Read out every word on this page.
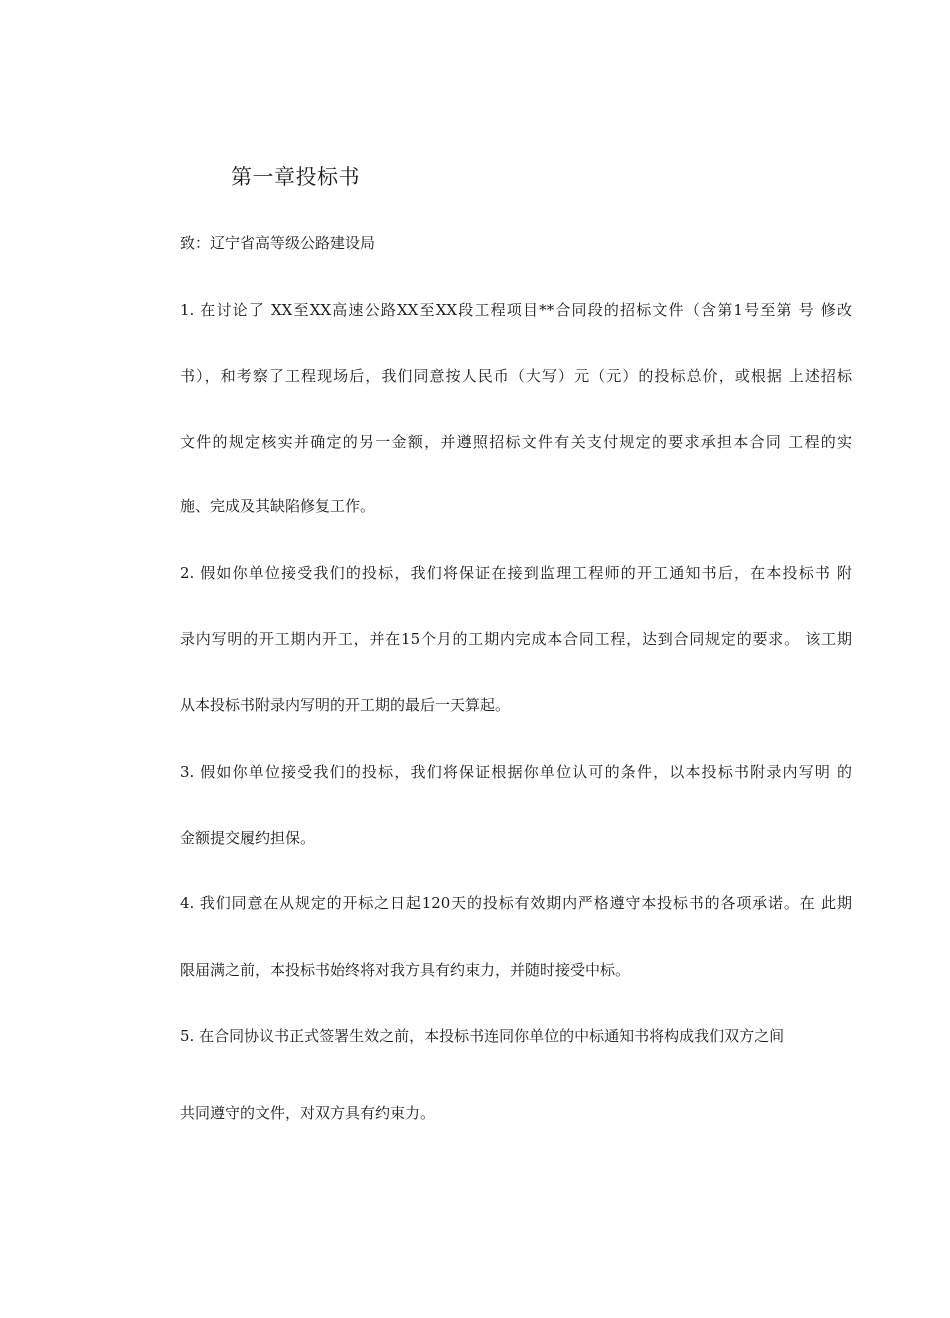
第一章投标书

致：辽宁省高等级公路建设局

1. 在讨论了 XX至XX高速公路XX至XX段工程项目**合同段的招标文件（含第1号至第 号 修改

书），和考察了工程现场后，我们同意按人民币（大写）元（元）的投标总价，或根据 上述招标

文件的规定核实并确定的另一金额，并遵照招标文件有关支付规定的要求承担本合同 工程的实

施、完成及其缺陷修复工作。

2. 假如你单位接受我们的投标，我们将保证在接到监理工程师的开工通知书后，在本投标书 附

录内写明的开工期内开工，并在15个月的工期内完成本合同工程，达到合同规定的要求。 该工期

从本投标书附录内写明的开工期的最后一天算起。

3. 假如你单位接受我们的投标，我们将保证根据你单位认可的条件，以本投标书附录内写明 的

金额提交履约担保。

4. 我们同意在从规定的开标之日起120天的投标有效期内严格遵守本投标书的各项承诺。在 此期

限届满之前，本投标书始终将对我方具有约束力，并随时接受中标。

5. 在合同协议书正式签署生效之前，本投标书连同你单位的中标通知书将构成我们双方之间

共同遵守的文件，对双方具有约束力。
